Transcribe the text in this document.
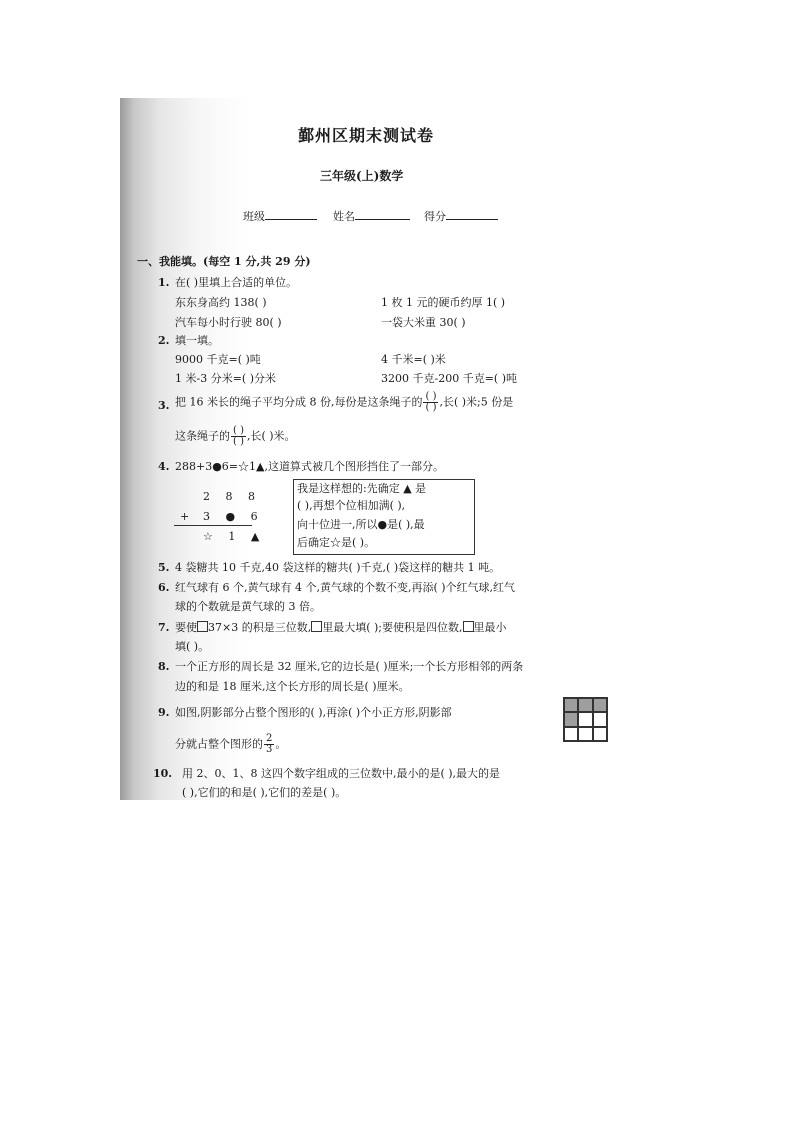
鄞州区期末测试卷
三年级(上)数学
班级	姓名	得分
一、我能填。(每空 1 分,共 29 分)
1. 在( )里填上合适的单位。
东东身高约 138( )	1 枚 1 元的硬币约厚 1( )
汽车每小时行驶 80( )	一袋大米重 30( )
2. 填一填。
9000 千克=( )吨	4 千米=( )米
1 米-3 分米=( )分米	3200 千克-200 千克=( )吨
3. 把 16 米长的绳子平均分成 8 份,每份是这条绳子的 $\frac{( )}{( )}$ ,长( )米;5 份是
这条绳子的 $\frac{( )}{( )}$ ,长( )米。
4. 288+3●6=☆1▲,这道算式被几个图形挡住了一部分。
2 8 8
+ 3 ● 6
☆ 1 ▲
我是这样想的:先确定 ▲ 是
( ),再想个位相加满( ),
向十位进一,所以●是( ),最
后确定☆是( )。
5. 4 袋糖共 10 千克,40 袋这样的糖共( )千克,( )袋这样的糖共 1 吨。
6. 红气球有 6 个,黄气球有 4 个,黄气球的个数不变,再添( )个红气球,红气
球的个数就是黄气球的 3 倍。
7. 要使 37×3 的积是三位数, 里最大填( );要使积是四位数, 里最小
填( )。
8. 一个正方形的周长是 32 厘米,它的边长是( )厘米;一个长方形相邻的两条
边的和是 18 厘米,这个长方形的周长是( )厘米。
9. 如图,阴影部分占整个图形的( ),再涂( )个小正方形,阴影部
分就占整个图形的 $\frac{2}{3}$ 。
10. 用 2、0、1、8 这四个数字组成的三位数中,最小的是( ),最大的是
( ),它们的和是( ),它们的差是( )。
